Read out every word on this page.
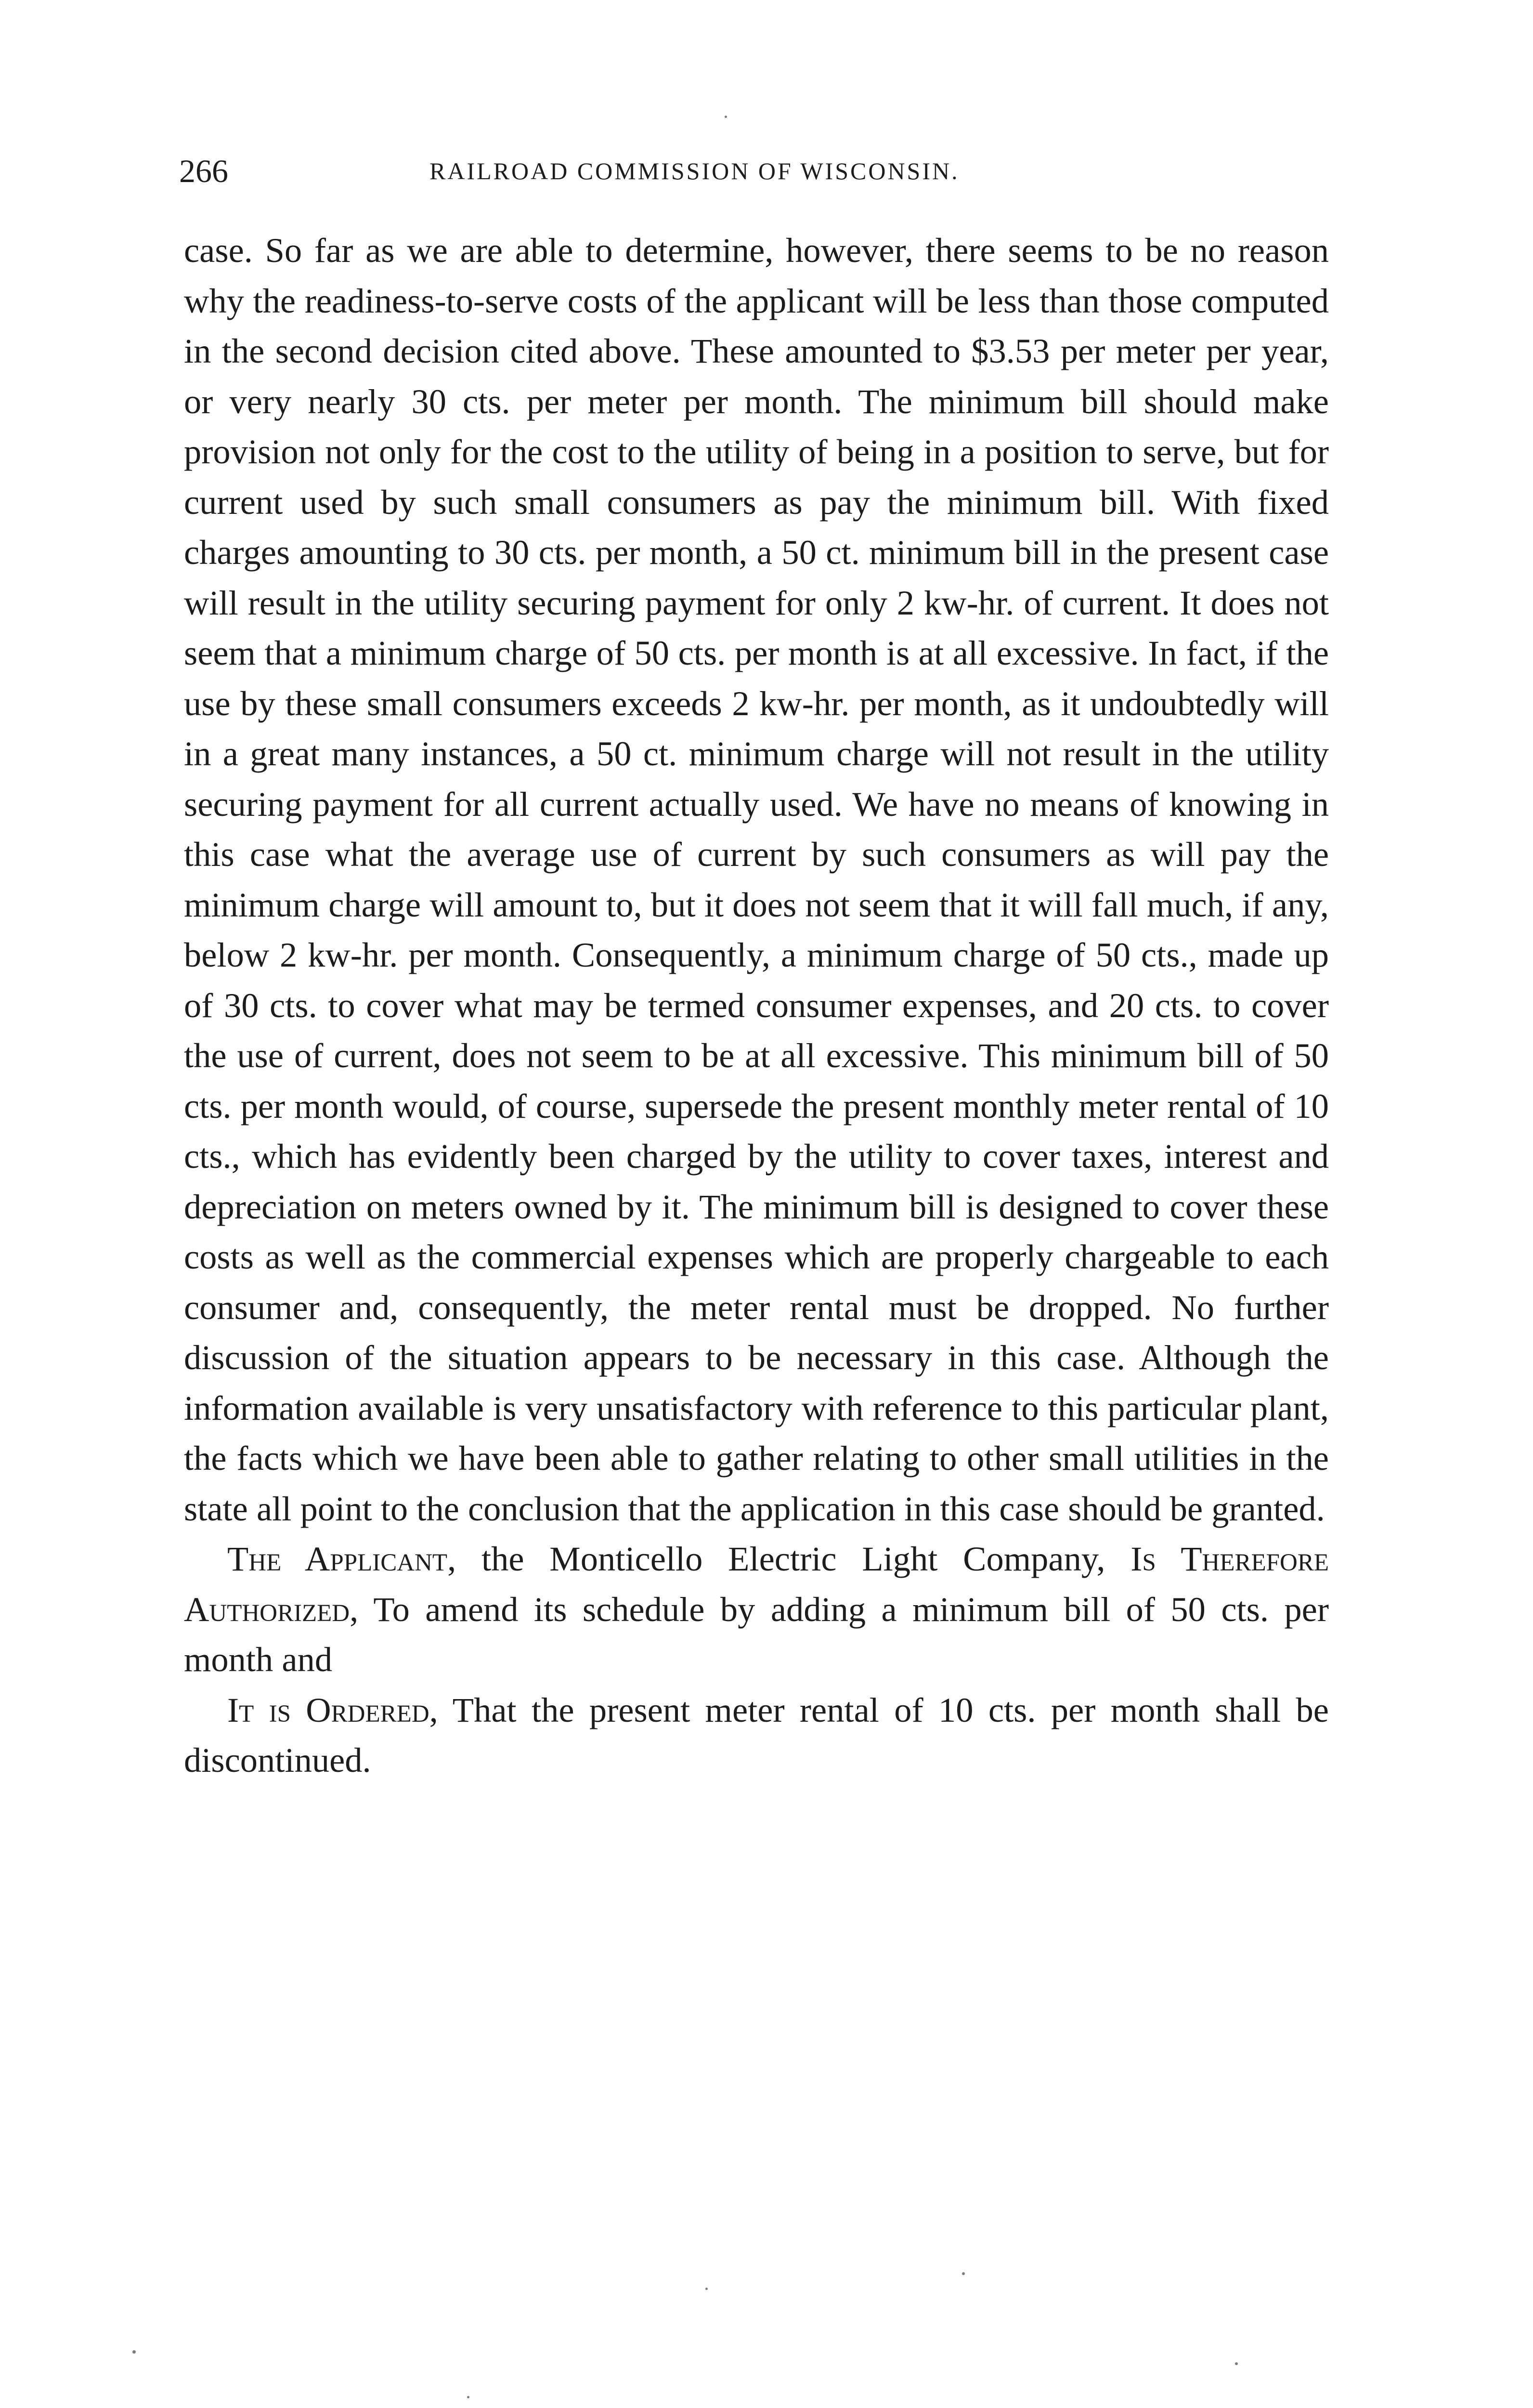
266	RAILROAD COMMISSION OF WISCONSIN.

case. So far as we are able to determine, however, there seems to be no reason why the readiness-to-serve costs of the applicant will be less than those computed in the second decision cited above. These amounted to $3.53 per meter per year, or very nearly 30 cts. per meter per month. The minimum bill should make provision not only for the cost to the utility of being in a position to serve, but for current used by such small consumers as pay the minimum bill. With fixed charges amounting to 30 cts. per month, a 50 ct. minimum bill in the present case will result in the utility securing payment for only 2 kw-hr. of current. It does not seem that a minimum charge of 50 cts. per month is at all excessive. In fact, if the use by these small consumers exceeds 2 kw-hr. per month, as it undoubtedly will in a great many instances, a 50 ct. minimum charge will not result in the utility securing payment for all current actually used. We have no means of knowing in this case what the average use of current by such consumers as will pay the minimum charge will amount to, but it does not seem that it will fall much, if any, below 2 kw-hr. per month. Consequently, a minimum charge of 50 cts., made up of 30 cts. to cover what may be termed consumer expenses, and 20 cts. to cover the use of current, does not seem to be at all excessive. This minimum bill of 50 cts. per month would, of course, supersede the present monthly meter rental of 10 cts., which has evidently been charged by the utility to cover taxes, interest and depreciation on meters owned by it. The minimum bill is designed to cover these costs as well as the commercial expenses which are properly chargeable to each consumer and, consequently, the meter rental must be dropped. No further discussion of the situation appears to be necessary in this case. Although the information available is very unsatisfactory with reference to this particular plant, the facts which we have been able to gather relating to other small utilities in the state all point to the conclusion that the application in this case should be granted.

The Applicant, the Monticello Electric Light Company, Is Therefore Authorized, To amend its schedule by adding a minimum bill of 50 cts. per month and

It is Ordered, That the present meter rental of 10 cts. per month shall be discontinued.
